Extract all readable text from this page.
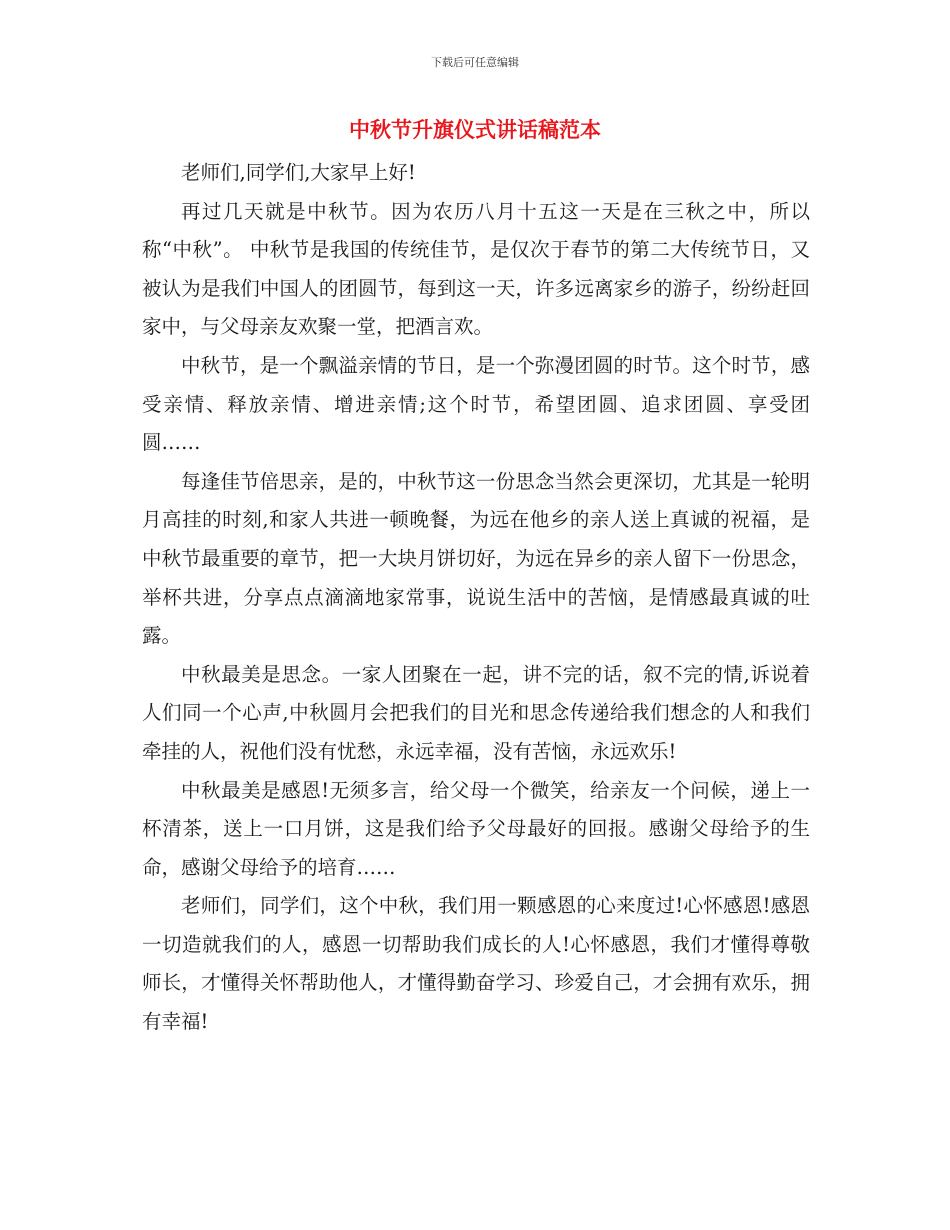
下载后可任意编辑
中秋节升旗仪式讲话稿范本

老师们,同学们,大家早上好!

再过几天就是中秋节。因为农历八月十五这一天是在三秋之中，所以称“中秋”。 中秋节是我国的传统佳节，是仅次于春节的第二大传统节日，又被认为是我们中国人的团圆节，每到这一天，许多远离家乡的游子，纷纷赶回家中，与父母亲友欢聚一堂，把酒言欢。

中秋节，是一个飘溢亲情的节日，是一个弥漫团圆的时节。这个时节，感受亲情、释放亲情、增进亲情;这个时节，希望团圆、追求团圆、享受团圆……

每逢佳节倍思亲，是的，中秋节这一份思念当然会更深切，尤其是一轮明月高挂的时刻,和家人共进一顿晚餐，为远在他乡的亲人送上真诚的祝福，是中秋节最重要的章节，把一大块月饼切好，为远在异乡的亲人留下一份思念，举杯共进，分享点点滴滴地家常事，说说生活中的苦恼，是情感最真诚的吐露。

中秋最美是思念。一家人团聚在一起，讲不完的话，叙不完的情,诉说着人们同一个心声,中秋圆月会把我们的目光和思念传递给我们想念的人和我们牵挂的人，祝他们没有忧愁，永远幸福，没有苦恼，永远欢乐!

中秋最美是感恩!无须多言，给父母一个微笑，给亲友一个问候，递上一杯清茶，送上一口月饼，这是我们给予父母最好的回报。感谢父母给予的生命，感谢父母给予的培育……

老师们，同学们，这个中秋，我们用一颗感恩的心来度过!心怀感恩!感恩一切造就我们的人，感恩一切帮助我们成长的人!心怀感恩，我们才懂得尊敬师长，才懂得关怀帮助他人，才懂得勤奋学习、珍爱自己，才会拥有欢乐，拥有幸福!
